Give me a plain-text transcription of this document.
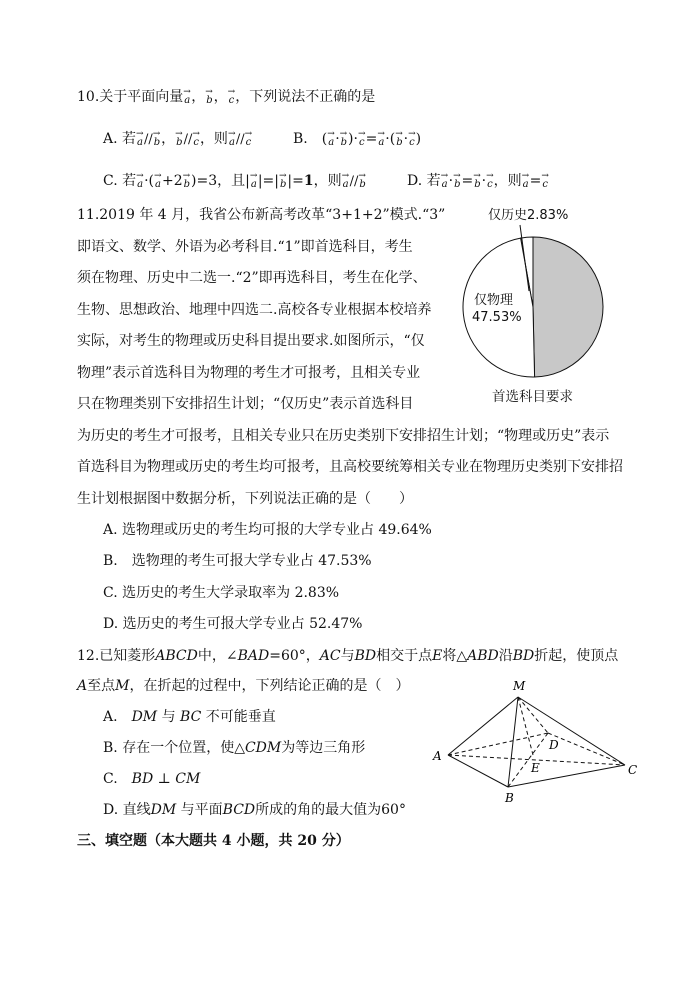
10.关于平面向量→ a，→ b，→ c，下列说法不正确的是
A. 若→ a//→ b，→ b//→ c，则→ a//→ c	B.　(→ a·→ b)·→ c=→ a·(→ b·→ c)
C. 若→ a·(→ a+2→ b)=3，且|→ a|=|→ b|=1，则→ a//→ b	D. 若→ a·→ b=→ b·→ c，则→ a=→ c
11.2019 年 4 月，我省公布新高考改革“3+1+2”模式.“3”
即语文、数学、外语为必考科目.“1”即首选科目，考生
须在物理、历史中二选一.“2”即再选科目，考生在化学、
生物、思想政治、地理中四选二.高校各专业根据本校培养
实际，对考生的物理或历史科目提出要求.如图所示，“仅
物理”表示首选科目为物理的考生才可报考，且相关专业
只在物理类别下安排招生计划；“仅历史”表示首选科目
为历史的考生才可报考，且相关专业只在历史类别下安排招生计划；“物理或历史”表示
首选科目为物理或历史的考生均可报考，且高校要统筹相关专业在物理历史类别下安排招
生计划根据图中数据分析，下列说法正确的是（　　）
仅历史2.83%
仅物理
47.53%
首选科目要求
A. 选物理或历史的考生均可报的大学专业占 49.64%
B.　选物理的考生可报大学专业占 47.53%
C. 选历史的考生大学录取率为 2.83%
D. 选历史的考生可报大学专业占 52.47%
12.已知菱形ABCD中，∠BAD=60°，AC与BD相交于点E将△ABD沿BD折起，使顶点
A至点M，在折起的过程中，下列结论正确的是（　）
A.　 DM 与 BC 不可能垂直
B. 存在一个位置，使△CDM为等边三角形
C.　 BD ⊥ CM
D. 直线DM 与平面BCD所成的角的最大值为60°
M
A
D
E	C
B
三、填空题（本大题共 4 小题，共 20 分）
